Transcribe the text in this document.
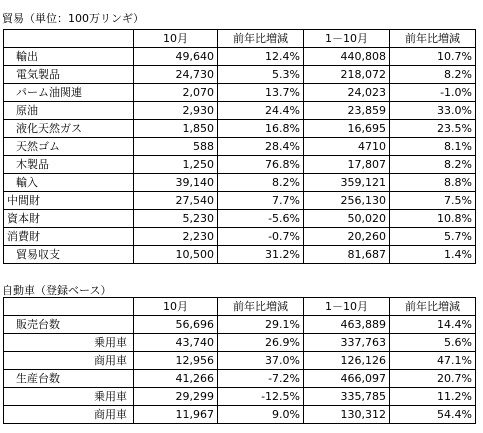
貿易（単位：100万リンギ）
	10月	前年比増減	1－10月	前年比増減
輸出	49,640	12.4%	440,808	10.7%
電気製品	24,730	5.3%	218,072	8.2%
パーム油関連	2,070	13.7%	24,023	-1.0%
原油	2,930	24.4%	23,859	33.0%
液化天然ガス	1,850	16.8%	16,695	23.5%
天然ゴム	588	28.4%	4710	8.1%
木製品	1,250	76.8%	17,807	8.2%
輸入	39,140	8.2%	359,121	8.8%
中間財	27,540	7.7%	256,130	7.5%
資本財	5,230	-5.6%	50,020	10.8%
消費財	2,230	-0.7%	20,260	5.7%
貿易収支	10,500	31.2%	81,687	1.4%
自動車（登録ベース）
	10月	前年比増減	1－10月	前年比増減
販売台数	56,696	29.1%	463,889	14.4%
乗用車	43,740	26.9%	337,763	5.6%
商用車	12,956	37.0%	126,126	47.1%
生産台数	41,266	-7.2%	466,097	20.7%
乗用車	29,299	-12.5%	335,785	11.2%
商用車	11,967	9.0%	130,312	54.4%
